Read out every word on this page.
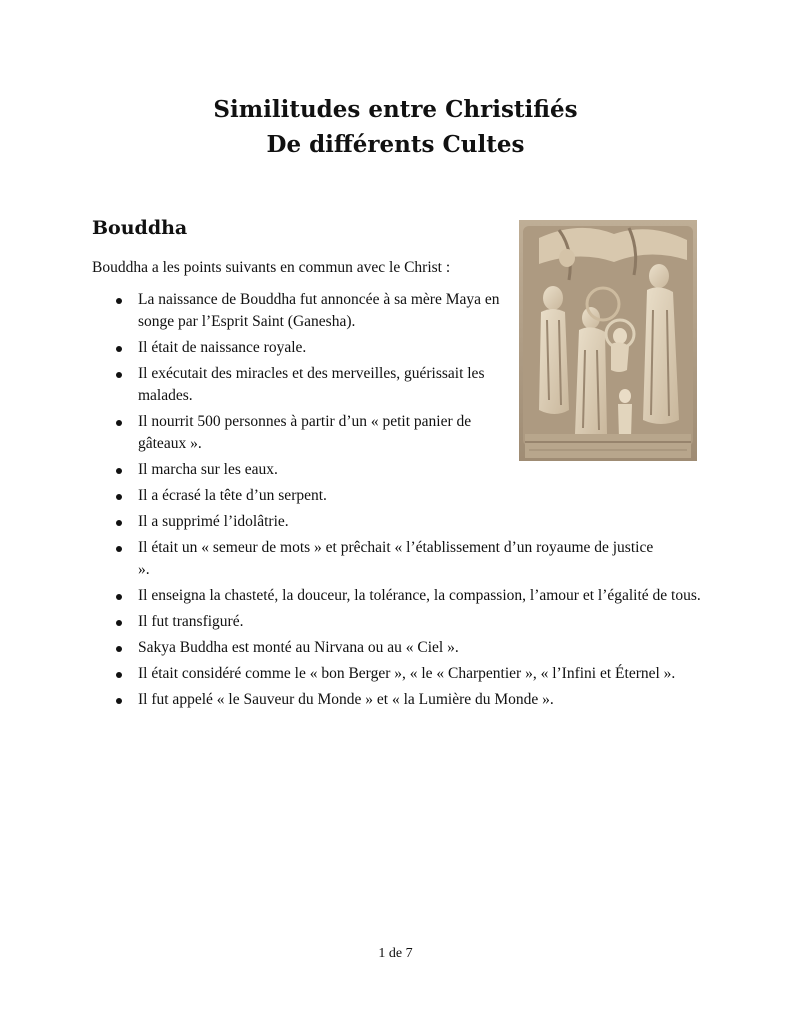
Similitudes entre Christifiés
De différents Cultes
Bouddha

Bouddha a les points suivants en commun avec le Christ :

La naissance de Bouddha fut annoncée à sa mère Maya en songe par l’Esprit Saint (Ganesha).
Il était de naissance royale.
Il exécutait des miracles et des merveilles, guérissait les malades.
Il nourrit 500 personnes à partir d’un « petit panier de gâteaux ».
Il marcha sur les eaux.
Il a écrasé la tête d’un serpent.
Il a supprimé l’idolâtrie.
Il était un « semeur de mots » et prêchait « l’établissement d’un royaume de justice ».
Il enseigna la chasteté, la douceur, la tolérance, la compassion, l’amour et l’égalité de tous.
Il fut transfiguré.
Sakya Buddha est monté au Nirvana ou au « Ciel ».
Il était considéré comme le « bon Berger », « le « Charpentier », « l’Infini et Éternel ».
Il fut appelé « le Sauveur du Monde » et « la Lumière du Monde ».
1 de 7
